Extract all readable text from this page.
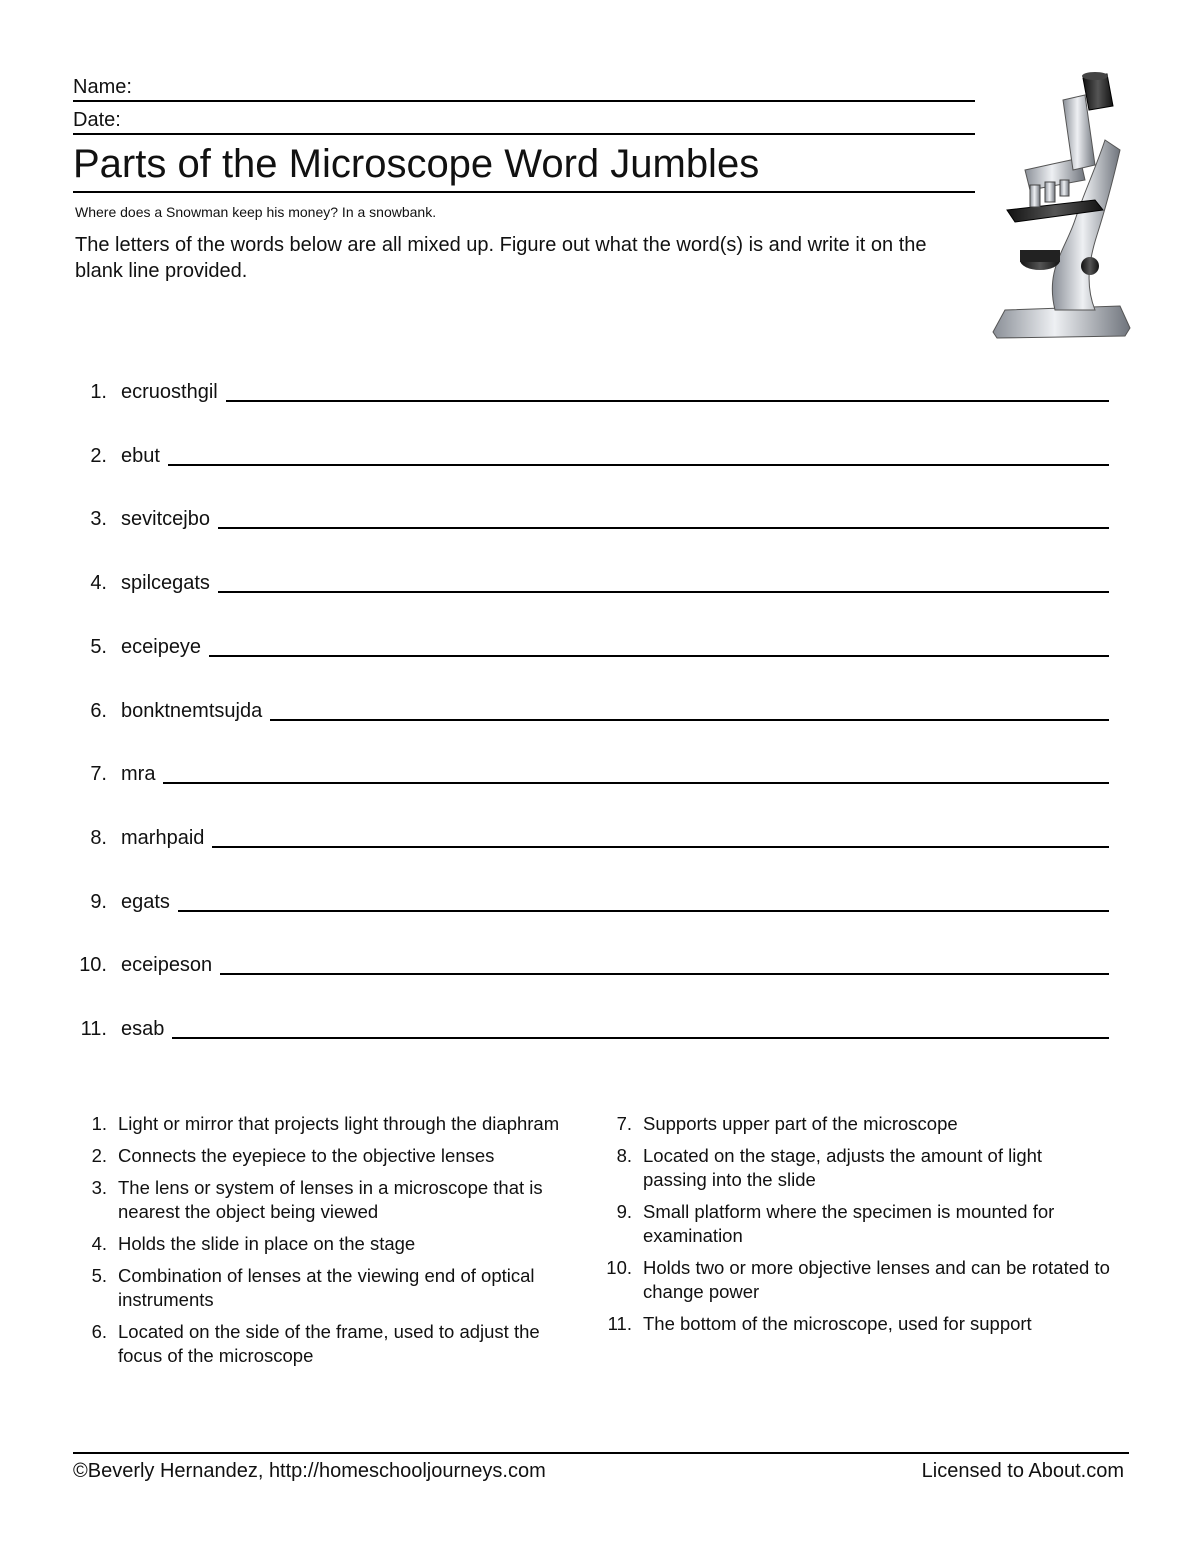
Name:
Date:
Parts of the Microscope Word Jumbles
Where does a Snowman keep his money? In a snowbank.
The letters of the words below are all mixed up. Figure out what the word(s) is and write it on the blank line provided.
1. ecruosthgil
2. ebut
3. sevitcejbo
4. spilcegats
5. eceipeye
6. bonktnemtsujda
7. mra
8. marhpaid
9. egats
10. eceipeson
11. esab
1. Light or mirror that projects light through the diaphram
2. Connects the eyepiece to the objective lenses
3. The lens or system of lenses in a microscope that is nearest the object being viewed
4. Holds the slide in place on the stage
5. Combination of lenses at the viewing end of optical instruments
6. Located on the side of the frame, used to adjust the focus of the microscope
7. Supports upper part of the microscope
8. Located on the stage, adjusts the amount of light passing into the slide
9. Small platform where the specimen is mounted for examination
10. Holds two or more objective lenses and can be rotated to change power
11. The bottom of the microscope, used for support
©Beverly Hernandez, http://homeschooljourneys.com	Licensed to About.com
